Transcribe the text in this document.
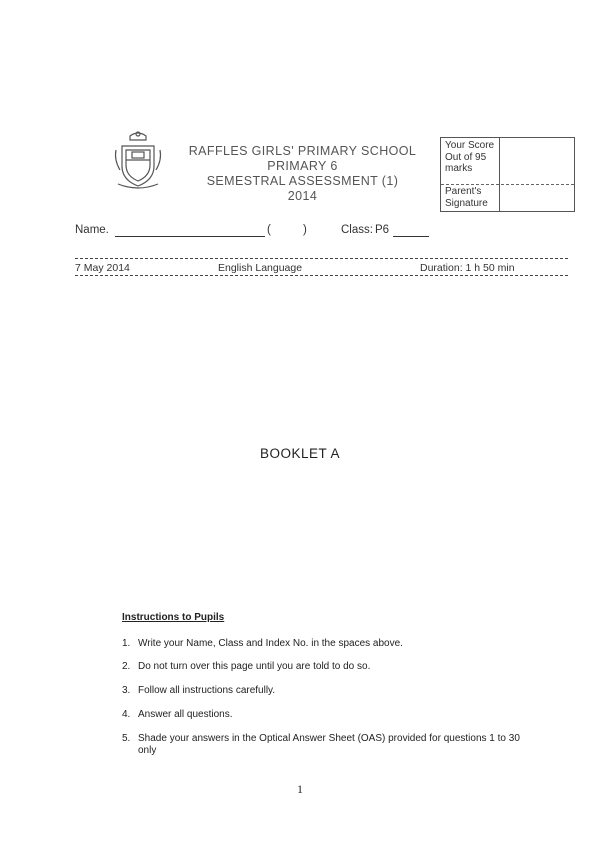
RAFFLES GIRLS' PRIMARY SCHOOL
PRIMARY 6
SEMESTRAL ASSESSMENT (1)
2014
Your Score Out of 95 marks
Parent's Signature
Name.	(	)	Class: P6
7 May 2014	English Language	Duration: 1 h 50 min
BOOKLET A
Instructions to Pupils
1. Write your Name, Class and Index No. in the spaces above.
2. Do not turn over this page until you are told to do so.
3. Follow all instructions carefully.
4. Answer all questions.
5. Shade your answers in the Optical Answer Sheet (OAS) provided for questions 1 to 30 only
1
